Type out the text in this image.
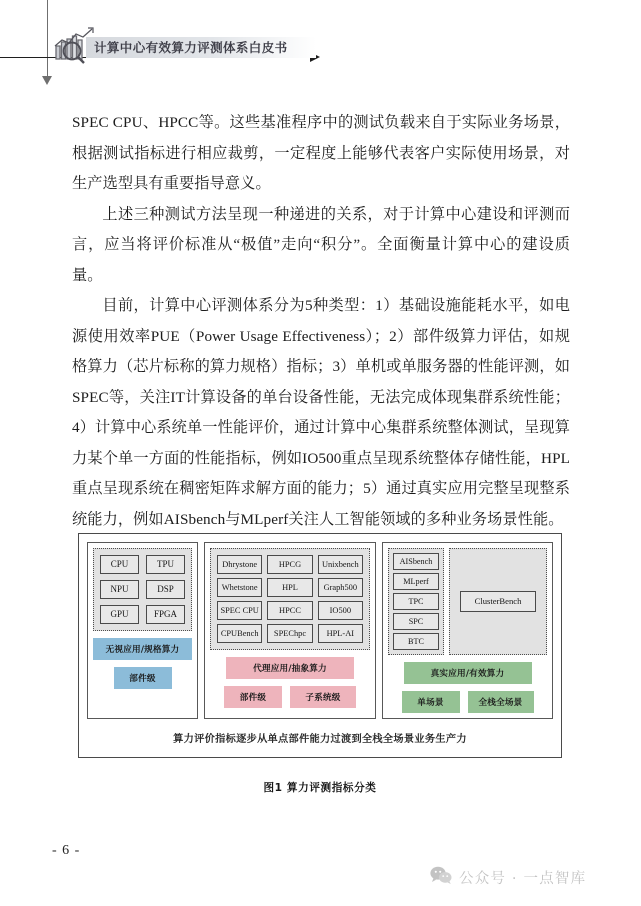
计算中心有效算力评测体系白皮书

SPEC CPU、HPCC等。这些基准程序中的测试负载来自于实际业务场景，根据测试指标进行相应裁剪，一定程度上能够代表客户实际使用场景，对生产选型具有重要指导意义。

上述三种测试方法呈现一种递进的关系，对于计算中心建设和评测而言，应当将评价标准从“极值”走向“积分”。全面衡量计算中心的建设质量。

目前，计算中心评测体系分为5种类型：1）基础设施能耗水平，如电源使用效率PUE（Power Usage Effectiveness）；2）部件级算力评估，如规格算力（芯片标称的算力规格）指标；3）单机或单服务器的性能评测，如SPEC等，关注IT计算设备的单台设备性能，无法完成体现集群系统性能；4）计算中心系统单一性能评价，通过计算中心集群系统整体测试，呈现算力某个单一方面的性能指标，例如IO500重点呈现系统整体存储性能，HPL重点呈现系统在稠密矩阵求解方面的能力；5）通过真实应用完整呈现整系统能力，例如AISbench与MLperf关注人工智能领域的多种业务场景性能。

CPU	TPU
NPU	DSP
GPU	FPGA
无视应用/规格算力
部件级
Dhrystone	HPCG	Unixbench
Whetstone	HPL	Graph500
SPEC CPU	HPCC	IO500
CPUBench	SPEChpc	HPL-AI
代理应用/抽象算力
部件级	子系统级
AISbench
MLperf
TPC
SPC
BTC
ClusterBench
真实应用/有效算力
单场景	全栈全场景
算力评价指标逐步从单点部件能力过渡到全栈全场景业务生产力
图1 算力评测指标分类
- 6 -
公众号 · 一点智库
